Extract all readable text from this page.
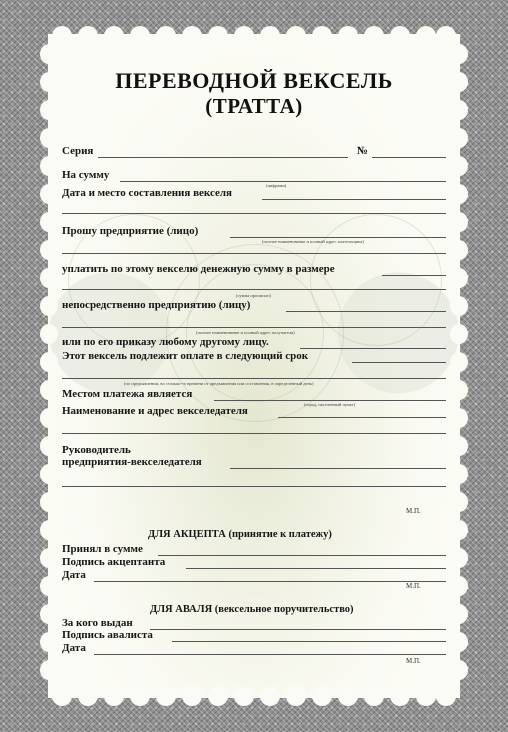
ПЕРЕВОДНОЙ ВЕКСЕЛЬ
(ТРАТТА)
Серия	№
На сумму
(цифрами)
Дата и место составления векселя
Прошу предприятие (лицо)
(полное наименование и полный адрес плательщика)
уплатить по этому векселю денежную сумму в размере
(сумма прописью)
непосредственно предприятию (лицу)
(полное наименование и полный адрес получателя)
или по его приказу любому другому лицу.
Этот вексель подлежит оплате в следующий срок
(по предъявлении, во столько-то времени от предъявления или составления, в определенный день)
Местом платежа является
(город, населенный пункт)
Наименование и адрес векселедателя
Руководитель
предприятия-векселедателя
М.П.
ДЛЯ АКЦЕПТА (принятие к платежу)
Принял в сумме
Подпись акцептанта
Дата
М.П.
ДЛЯ АВАЛЯ (вексельное поручительство)
За кого выдан
Подпись авалиста
Дата
М.П.
